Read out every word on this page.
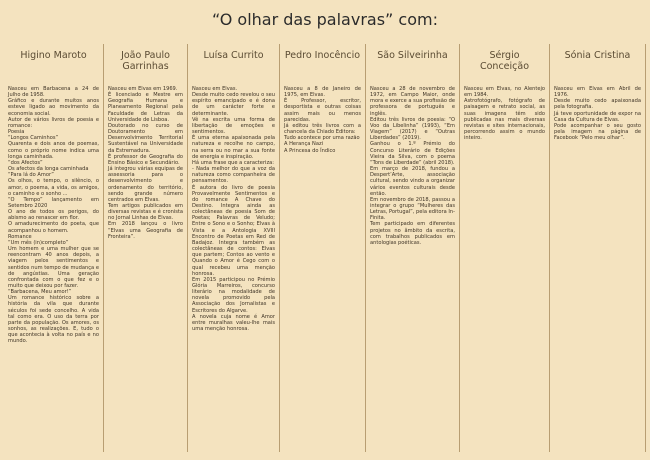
“O olhar das palavras” com:
Higino Maroto
Nasceu em Barbacena a 24 de Julho de 1958.
Gráfico e durante muitos anos esteve ligado ao movimento da economia social.
Autor de vários livros de poesia e romance:
Poesia
“Longos Caminhos”
Quarenta e dois anos de poemas, como o próprio nome indica uma longa caminhada.
“dos Afectos”
Os afectos da longa caminhada
“Para lá do Amor”
Os olhos, o tempo, o silêncio, o amor, o poema, a vida, os amigos, o caminho e o sonho ...
“O Tempo” lançamento em Setembro 2020
O ano de todos os perigos, do abismo ao renascer em flor.
O amadurecimento do poeta, que acompanhou o homem.
Romance
“Um mês (in)completo”
Um homem e uma mulher que se reencontram 40 anos depois, a viagem pelos sentimentos e sentidos num tempo de mudança e de angústias. Uma geração confrontada com o que fez e o muito que deixou por fazer.
“Barbacena, Meu amor!”
Um romance histórico sobre a história da vila que durante séculos foi sede concelho. A vida tal como era. O uso da terra por parte da população. Os amores, os sonhos, as realizações. E, tudo o que acontecia à volta no país e no mundo.
João Paulo Garrinhas
Nasceu em Elvas em 1969.
É licenciado e Mestre em Geografia Humana e Planeamento Regional pela Faculdade de Letras da Universidade de Lisboa.
Doutorado no curso de Doutoramento em Desenvolvimento Territorial Sustentável na Universidade da Estremadura.
É professor de Geografia do Ensino Básico e Secundário.
Já integrou várias equipas de assessoria para o desenvolvimento e ordenamento do território, sendo grande número centrados em Elvas.
Tem artigos publicados em diversas revistas e é cronista no Jornal Linhas de Elvas.
Em 2018 lançou o livro “Elvas uma Geografia de Fronteira”.
Luísa Currito
Nasceu em Elvas.
Desde muito cedo revelou o seu espírito emancipado e é dona de um carácter forte e determinante.
Vê na escrita uma forma de libertação de emoções e sentimentos.
É uma eterna apaixonada pela natureza e recolhe no campo, na serra ou no mar a sua fonte de energia e inspiração.
Há uma frase que a caracteriza:
- Nada melhor do que a voz da natureza como companheira de pensamentos.
É autora do livro de poesia Provavelmente Sentimentos e do romance A Chave do Destino. Integra ainda as colectâneas de poesia Som de Poetas; Palavras de Veludo; Entre o Sono e o Sonho; Elvas à Vista e a Antologia XVIII Encontro de Poetas em Red de Badajoz. Integra também as colectâneas de contos: Elvas que partem; Contos ao vento e Quando o Amor é Cego com o qual recebeu uma menção honrosa.
Em 2015 participou no Prémio Glória Marreiros, concurso literário na modalidade de novela promovido pela Associação dos Jornalistas e Escritores do Algarve.
A novela cuja nome é Amor entre muralhas valeu-lhe mais uma menção honrosa.
Pedro Inocêncio
Nasceu a 8 de Janeiro de 1975, em Elvas.
É Professor, escritor, desportista e outras coisas assim mais ou menos parecidas.
Já editou três livros com a chancela da Chiado Editora:
Tudo acontece por uma razão
A Herança Nazi
A Princesa do Índico
São Silveirinha
Nasceu a 28 de novembro de 1972, em Campo Maior, onde mora e exerce a sua profissão de professora de português e inglês.
Editou três livros de poesia: “O Voo da Libelinha” (1993), “Em Viagem” (2017) e “Outras Liberdades” (2019).
Ganhou o 1.º Prémio do Concurso Literário de Edições Vieira da Silva, com o poema “Tons de Liberdade” (abril 2018).
Em março de 2018, fundou a Despert’Arte, associação cultural, sendo vindo a organizar vários eventos culturais desde então.
Em novembro de 2018, passou a integrar o grupo “Mulheres das Letras, Portugal”, pela editora In-Finita.
Tem participado em diferentes projetos no âmbito da escrita, com trabalhos publicados em antologias poéticas.
Sérgio Conceição
Nasceu em Elvas, no Alentejo em 1984.
Astrofotógrafo, fotógrafo de paisagem e retrato social, as suas imagens têm sido publicadas nas mais diversas revistas e sites internacionais, percorrendo assim o mundo inteiro.
Sónia Cristina
Nasceu em Elvas em Abril de 1976.
Desde muito cedo apaixonada pela fotografia.
Já teve oportunidade de expor na Casa da Cultura de Elvas.
Pode acompanhar o seu gosto pela imagem na página de Facebook “Pelo meu olhar”.
